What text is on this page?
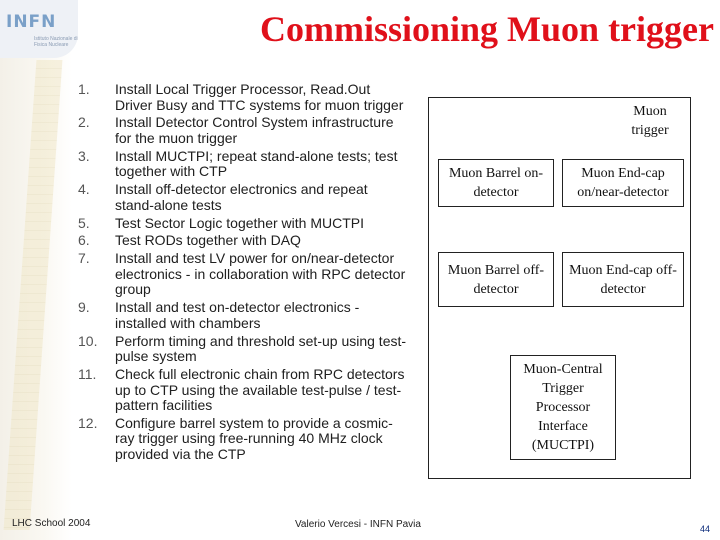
INFN
Istituto Nazionale di Fisica Nucleare	Commissioning Muon trigger
1.	Install Local Trigger Processor, Read.Out Driver Busy and TTC systems for muon trigger
2.	Install Detector Control System infrastructure for the muon trigger
3.	Install MUCTPI; repeat stand-alone tests; test together with CTP
4.	Install off-detector electronics and repeat stand-alone tests
5.	Test Sector Logic together with MUCTPI
6.	Test RODs together with DAQ
7.	Install and test LV power for on/near-detector electronics - in collaboration with RPC detector group
9.	Install and test on-detector electronics - installed with chambers
10.	Perform timing and threshold set-up using test-pulse system
11.	Check full electronic chain from RPC detectors up to CTP using the available test-pulse / test-pattern facilities
12.	Configure barrel system to provide a cosmic-ray trigger using free-running 40 MHz clock provided via the CTP
Muon trigger
Muon Barrel on-detector
Muon End-cap on/near-detector
Muon Barrel off-detector
Muon End-cap off-detector
Muon-Central Trigger Processor Interface (MUCTPI)
LHC School 2004	Valerio Vercesi - INFN Pavia	44
